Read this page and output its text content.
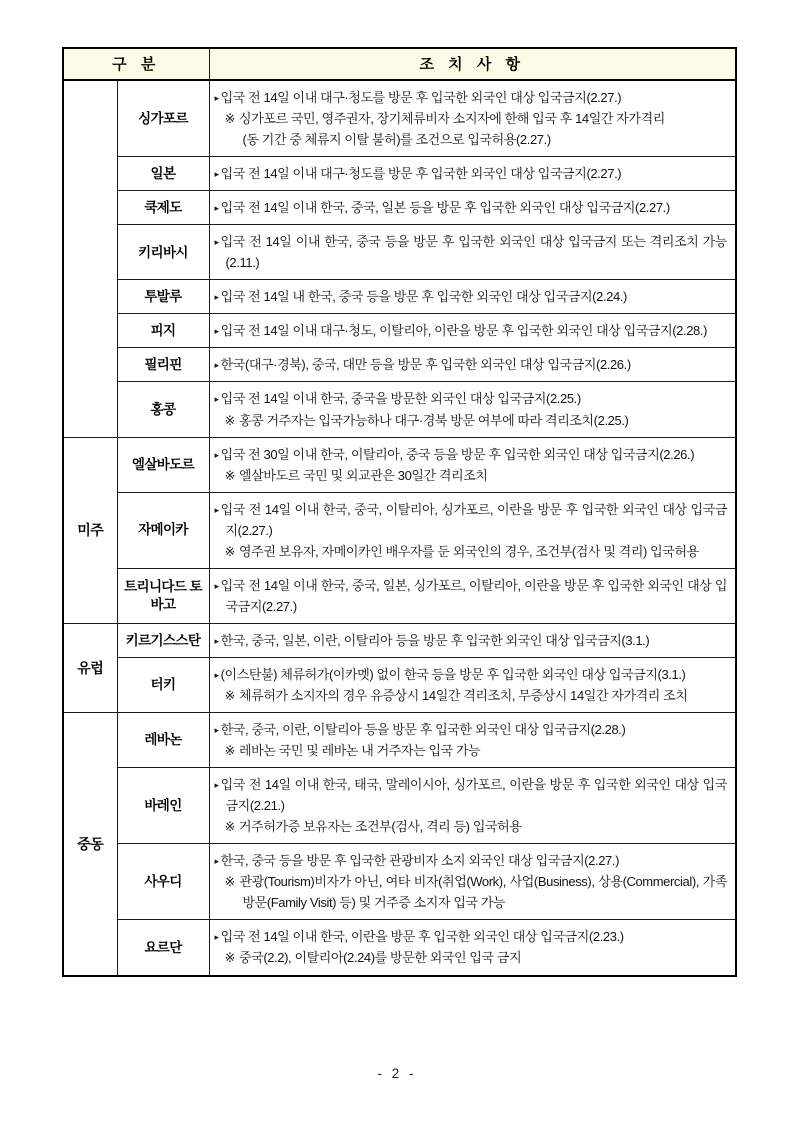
구 분		조 치 사 항
	싱가포르	▸ 입국 전 14일 이내 대구·청도를 방문 후 입국한 외국인 대상 입국금지(2.27.)
※ 싱가포르 국민, 영주권자, 장기체류비자 소지자에 한해 입국 후 14일간 자가격리
(동 기간 중 체류지 이탈 불허)를 조건으로 입국허용(2.27.)

	일본	▸ 입국 전 14일 이내 대구·청도를 방문 후 입국한 외국인 대상 입국금지(2.27.)

	쿡제도	▸ 입국 전 14일 이내 한국, 중국, 일본 등을 방문 후 입국한 외국인 대상 입국금지(2.27.)

	키리바시	▸ 입국 전 14일 이내 한국, 중국 등을 방문 후 입국한 외국인 대상 입국금지 또는 격리조치 가능(2.11.)

	투발루	▸ 입국 전 14일 내 한국, 중국 등을 방문 후 입국한 외국인 대상 입국금지(2.24.)

	피지	▸ 입국 전 14일 이내 대구·청도, 이탈리아, 이란을 방문 후 입국한 외국인 대상 입국금지(2.28.)

	필리핀	▸ 한국(대구·경북), 중국, 대만 등을 방문 후 입국한 외국인 대상 입국금지(2.26.)

	홍콩	▸ 입국 전 14일 이내 한국, 중국을 방문한 외국인 대상 입국금지(2.25.)
※ 홍콩 거주자는 입국가능하나 대구·경북 방문 여부에 따라 격리조치(2.25.)

미주	엘살바도르	▸ 입국 전 30일 이내 한국, 이탈리아, 중국 등을 방문 후 입국한 외국인 대상 입국금지(2.26.)
※ 엘살바도르 국민 및 외교관은 30일간 격리조치

	자메이카	▸ 입국 전 14일 이내 한국, 중국, 이탈리아, 싱가포르, 이란을 방문 후 입국한 외국인 대상 입국금지(2.27.)
※ 영주권 보유자, 자메이카인 배우자를 둔 외국인의 경우, 조건부(검사 및 격리) 입국허용

	트리니다드 토바고	▸ 입국 전 14일 이내 한국, 중국, 일본, 싱가포르, 이탈리아, 이란을 방문 후 입국한 외국인 대상 입국금지(2.27.)

유럽	키르기스스탄	▸ 한국, 중국, 일본, 이란, 이탈리아 등을 방문 후 입국한 외국인 대상 입국금지(3.1.)

	터키	▸ (이스탄불) 체류허가(이카멧) 없이 한국 등을 방문 후 입국한 외국인 대상 입국금지(3.1.)
※ 체류허가 소지자의 경우 유증상시 14일간 격리조치, 무증상시 14일간 자가격리 조치

중동	레바논	▸ 한국, 중국, 이란, 이탈리아 등을 방문 후 입국한 외국인 대상 입국금지(2.28.)
※ 레바논 국민 및 레바논 내 거주자는 입국 가능

	바레인	▸ 입국 전 14일 이내 한국, 태국, 말레이시아, 싱가포르, 이란을 방문 후 입국한 외국인 대상 입국금지(2.21.)
※ 거주허가증 보유자는 조건부(검사, 격리 등) 입국허용

	사우디	▸ 한국, 중국 등을 방문 후 입국한 관광비자 소지 외국인 대상 입국금지(2.27.)
※ 관광(Tourism)비자가 아닌, 여타 비자(취업(Work), 사업(Business), 상용(Commercial), 가족방문(Family Visit) 등) 및 거주증 소지자 입국 가능

	요르단	▸ 입국 전 14일 이내 한국, 이란을 방문 후 입국한 외국인 대상 입국금지(2.23.)
※ 중국(2.2), 이탈리아(2.24)를 방문한 외국인 입국 금지
- 2 -
